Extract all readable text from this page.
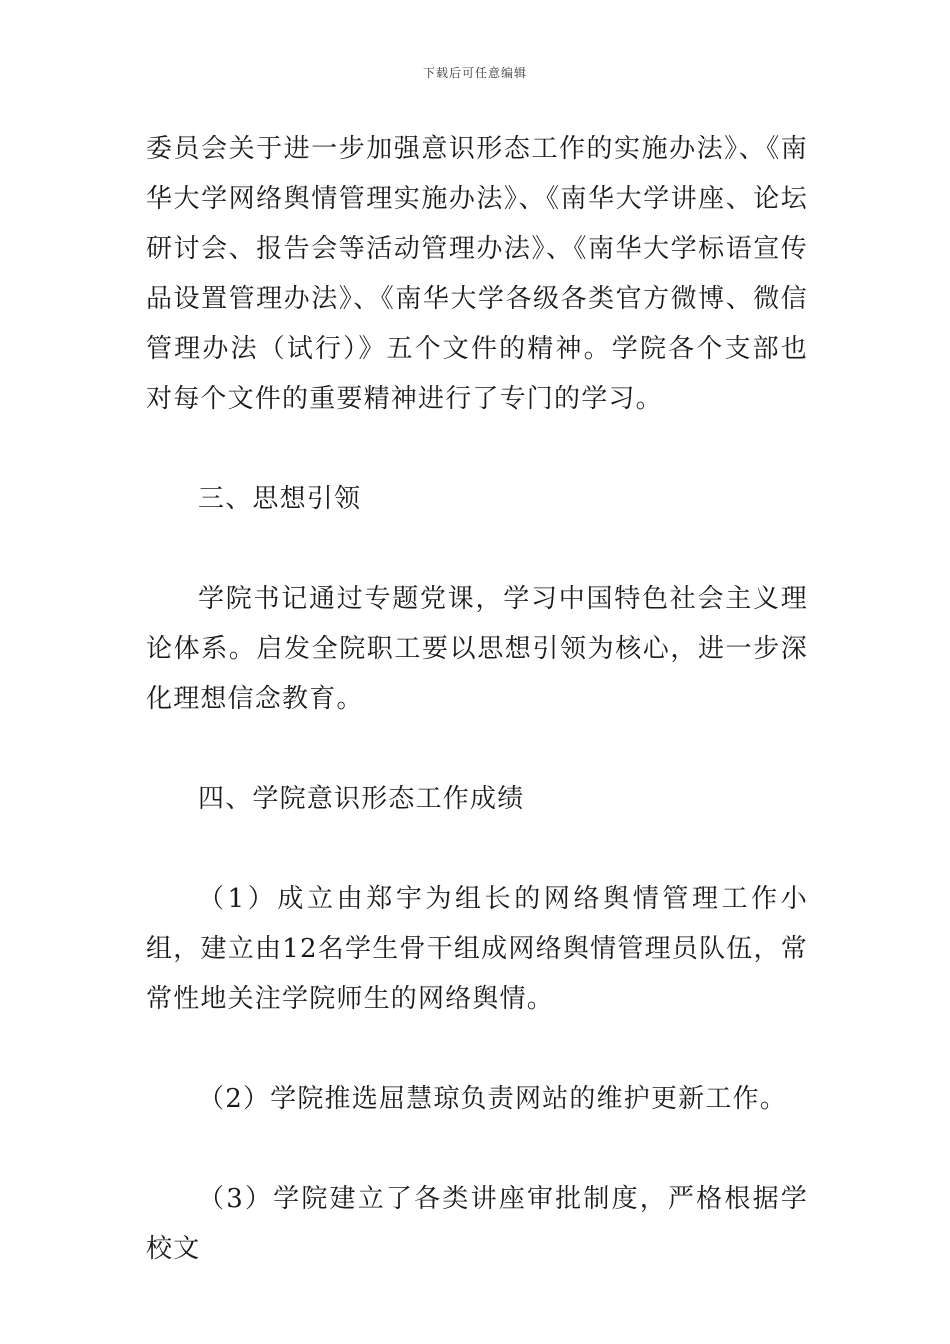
下载后可任意编辑

委员会关于进一步加强意识形态工作的实施办法》、《南华大学网络舆情管理实施办法》、《南华大学讲座、论坛研讨会、报告会等活动管理办法》、《南华大学标语宣传品设置管理办法》、《南华大学各级各类官方微博、微信管理办法（试行）》五个文件的精神。学院各个支部也对每个文件的重要精神进行了专门的学习。

三、思想引领

学院书记通过专题党课，学习中国特色社会主义理论体系。启发全院职工要以思想引领为核心，进一步深化理想信念教育。

四、学院意识形态工作成绩

（1）成立由郑宇为组长的网络舆情管理工作小组，建立由12名学生骨干组成网络舆情管理员队伍，常常性地关注学院师生的网络舆情。

（2）学院推选屈慧琼负责网站的维护更新工作。

（3）学院建立了各类讲座审批制度，严格根据学校文
